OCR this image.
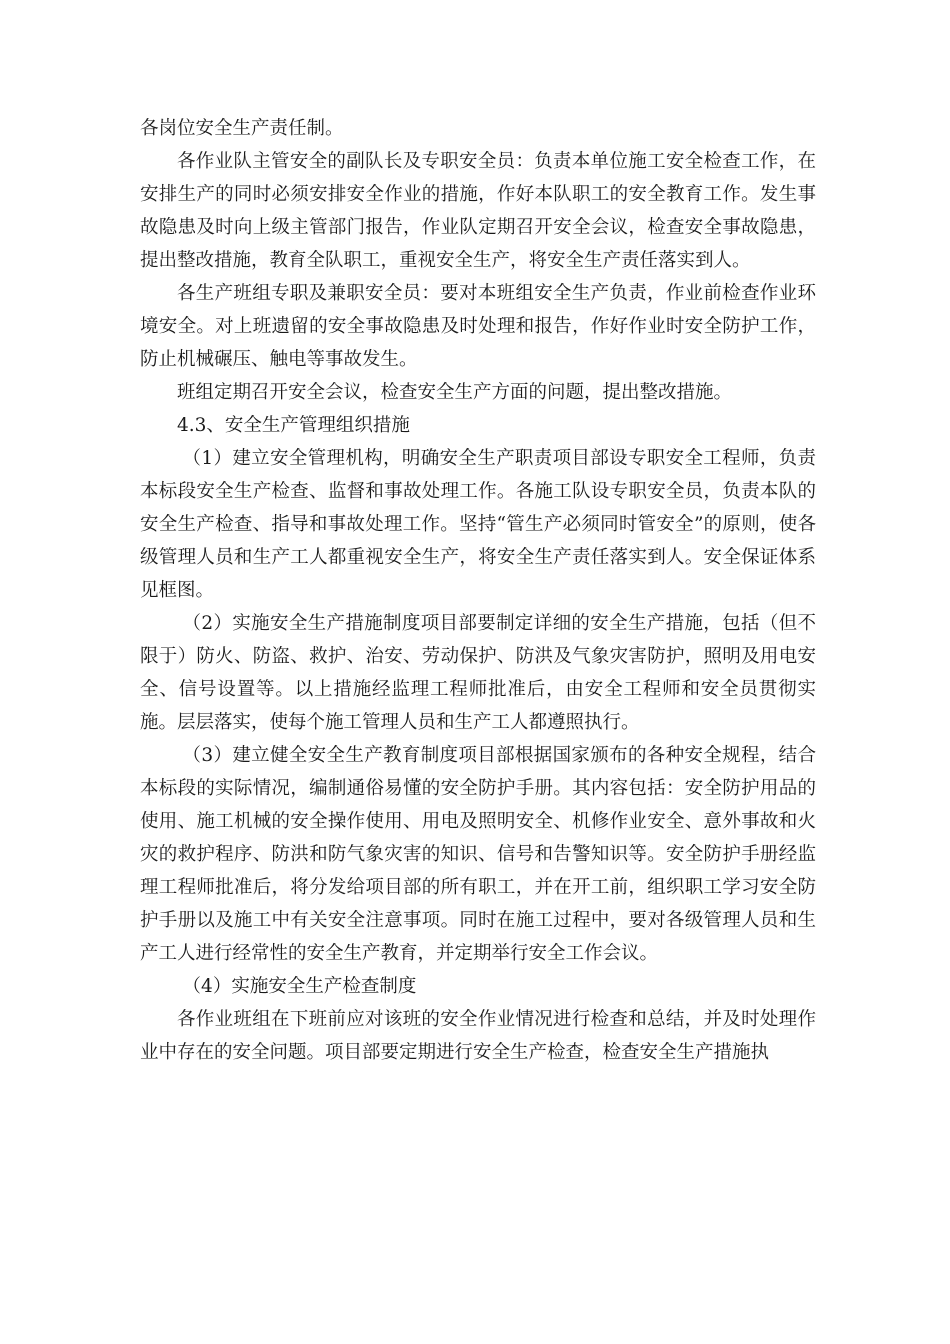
各岗位安全生产责任制。

各作业队主管安全的副队长及专职安全员：负责本单位施工安全检查工作，在安排生产的同时必须安排安全作业的措施，作好本队职工的安全教育工作。发生事故隐患及时向上级主管部门报告，作业队定期召开安全会议，检查安全事故隐患，提出整改措施，教育全队职工，重视安全生产，将安全生产责任落实到人。

各生产班组专职及兼职安全员：要对本班组安全生产负责，作业前检查作业环境安全。对上班遗留的安全事故隐患及时处理和报告，作好作业时安全防护工作，防止机械碾压、触电等事故发生。

班组定期召开安全会议，检查安全生产方面的问题，提出整改措施。

4.3、安全生产管理组织措施

（1）建立安全管理机构，明确安全生产职责项目部设专职安全工程师，负责本标段安全生产检查、监督和事故处理工作。各施工队设专职安全员，负责本队的安全生产检查、指导和事故处理工作。坚持“管生产必须同时管安全”的原则，使各级管理人员和生产工人都重视安全生产，将安全生产责任落实到人。安全保证体系见框图。

（2）实施安全生产措施制度项目部要制定详细的安全生产措施，包括（但不限于）防火、防盗、救护、治安、劳动保护、防洪及气象灾害防护，照明及用电安全、信号设置等。以上措施经监理工程师批准后，由安全工程师和安全员贯彻实施。层层落实，使每个施工管理人员和生产工人都遵照执行。

（3）建立健全安全生产教育制度项目部根据国家颁布的各种安全规程，结合本标段的实际情况，编制通俗易懂的安全防护手册。其内容包括：安全防护用品的使用、施工机械的安全操作使用、用电及照明安全、机修作业安全、意外事故和火灾的救护程序、防洪和防气象灾害的知识、信号和告警知识等。安全防护手册经监理工程师批准后，将分发给项目部的所有职工，并在开工前，组织职工学习安全防护手册以及施工中有关安全注意事项。同时在施工过程中，要对各级管理人员和生产工人进行经常性的安全生产教育，并定期举行安全工作会议。

（4）实施安全生产检查制度

各作业班组在下班前应对该班的安全作业情况进行检查和总结，并及时处理作业中存在的安全问题。项目部要定期进行安全生产检查，检查安全生产措施执
